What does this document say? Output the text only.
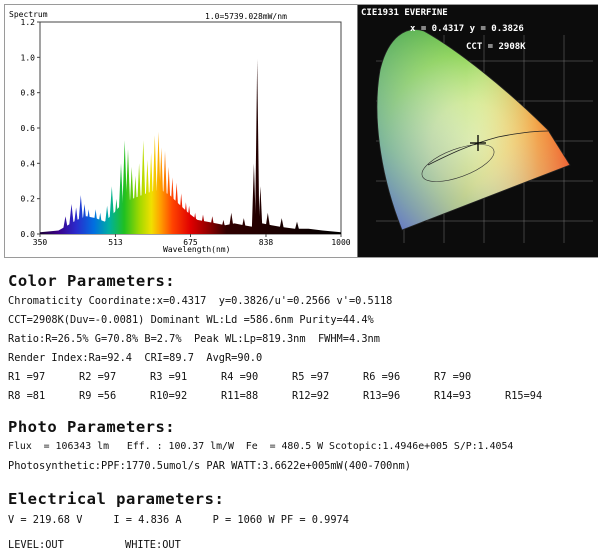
0.0
0.2
0.4
0.6
0.8
1.0
1.2
350	513	675	838	1000
Spectrum	1.0=5739.028mW/nm
Wavelength(nm)
CIE1931 EVERFINE
x = 0.4317 y = 0.3826
CCT = 2908K
Color Parameters:
Chromaticity Coordinate:x=0.4317  y=0.3826/u'=0.2566 v'=0.5118
CCT=2908K(Duv=-0.0081) Dominant WL:Ld =586.6nm Purity=44.4%
Ratio:R=26.5% G=70.8% B=2.7%  Peak WL:Lp=819.3nm  FWHM=4.3nm
Render Index:Ra=92.4  CRI=89.7  AvgR=90.0
R1 =97	R2 =97	R3 =91	R4 =90	R5 =97	R6 =96	R7 =90
R8 =81	R9 =56	R10=92	R11=88	R12=92	R13=96	R14=93	R15=94
Photo Parameters:
Flux  = 106343 lm   Eff. : 100.37 lm/W  Fe  = 480.5 W Scotopic:1.4946e+005 S/P:1.4054
Photosynthetic:PPF:1770.5umol/s PAR WATT:3.6622e+005mW(400-700nm)
Electrical parameters:
V = 219.68 V     I = 4.836 A     P = 1060 W PF = 0.9974
LEVEL:OUT	WHITE:OUT
